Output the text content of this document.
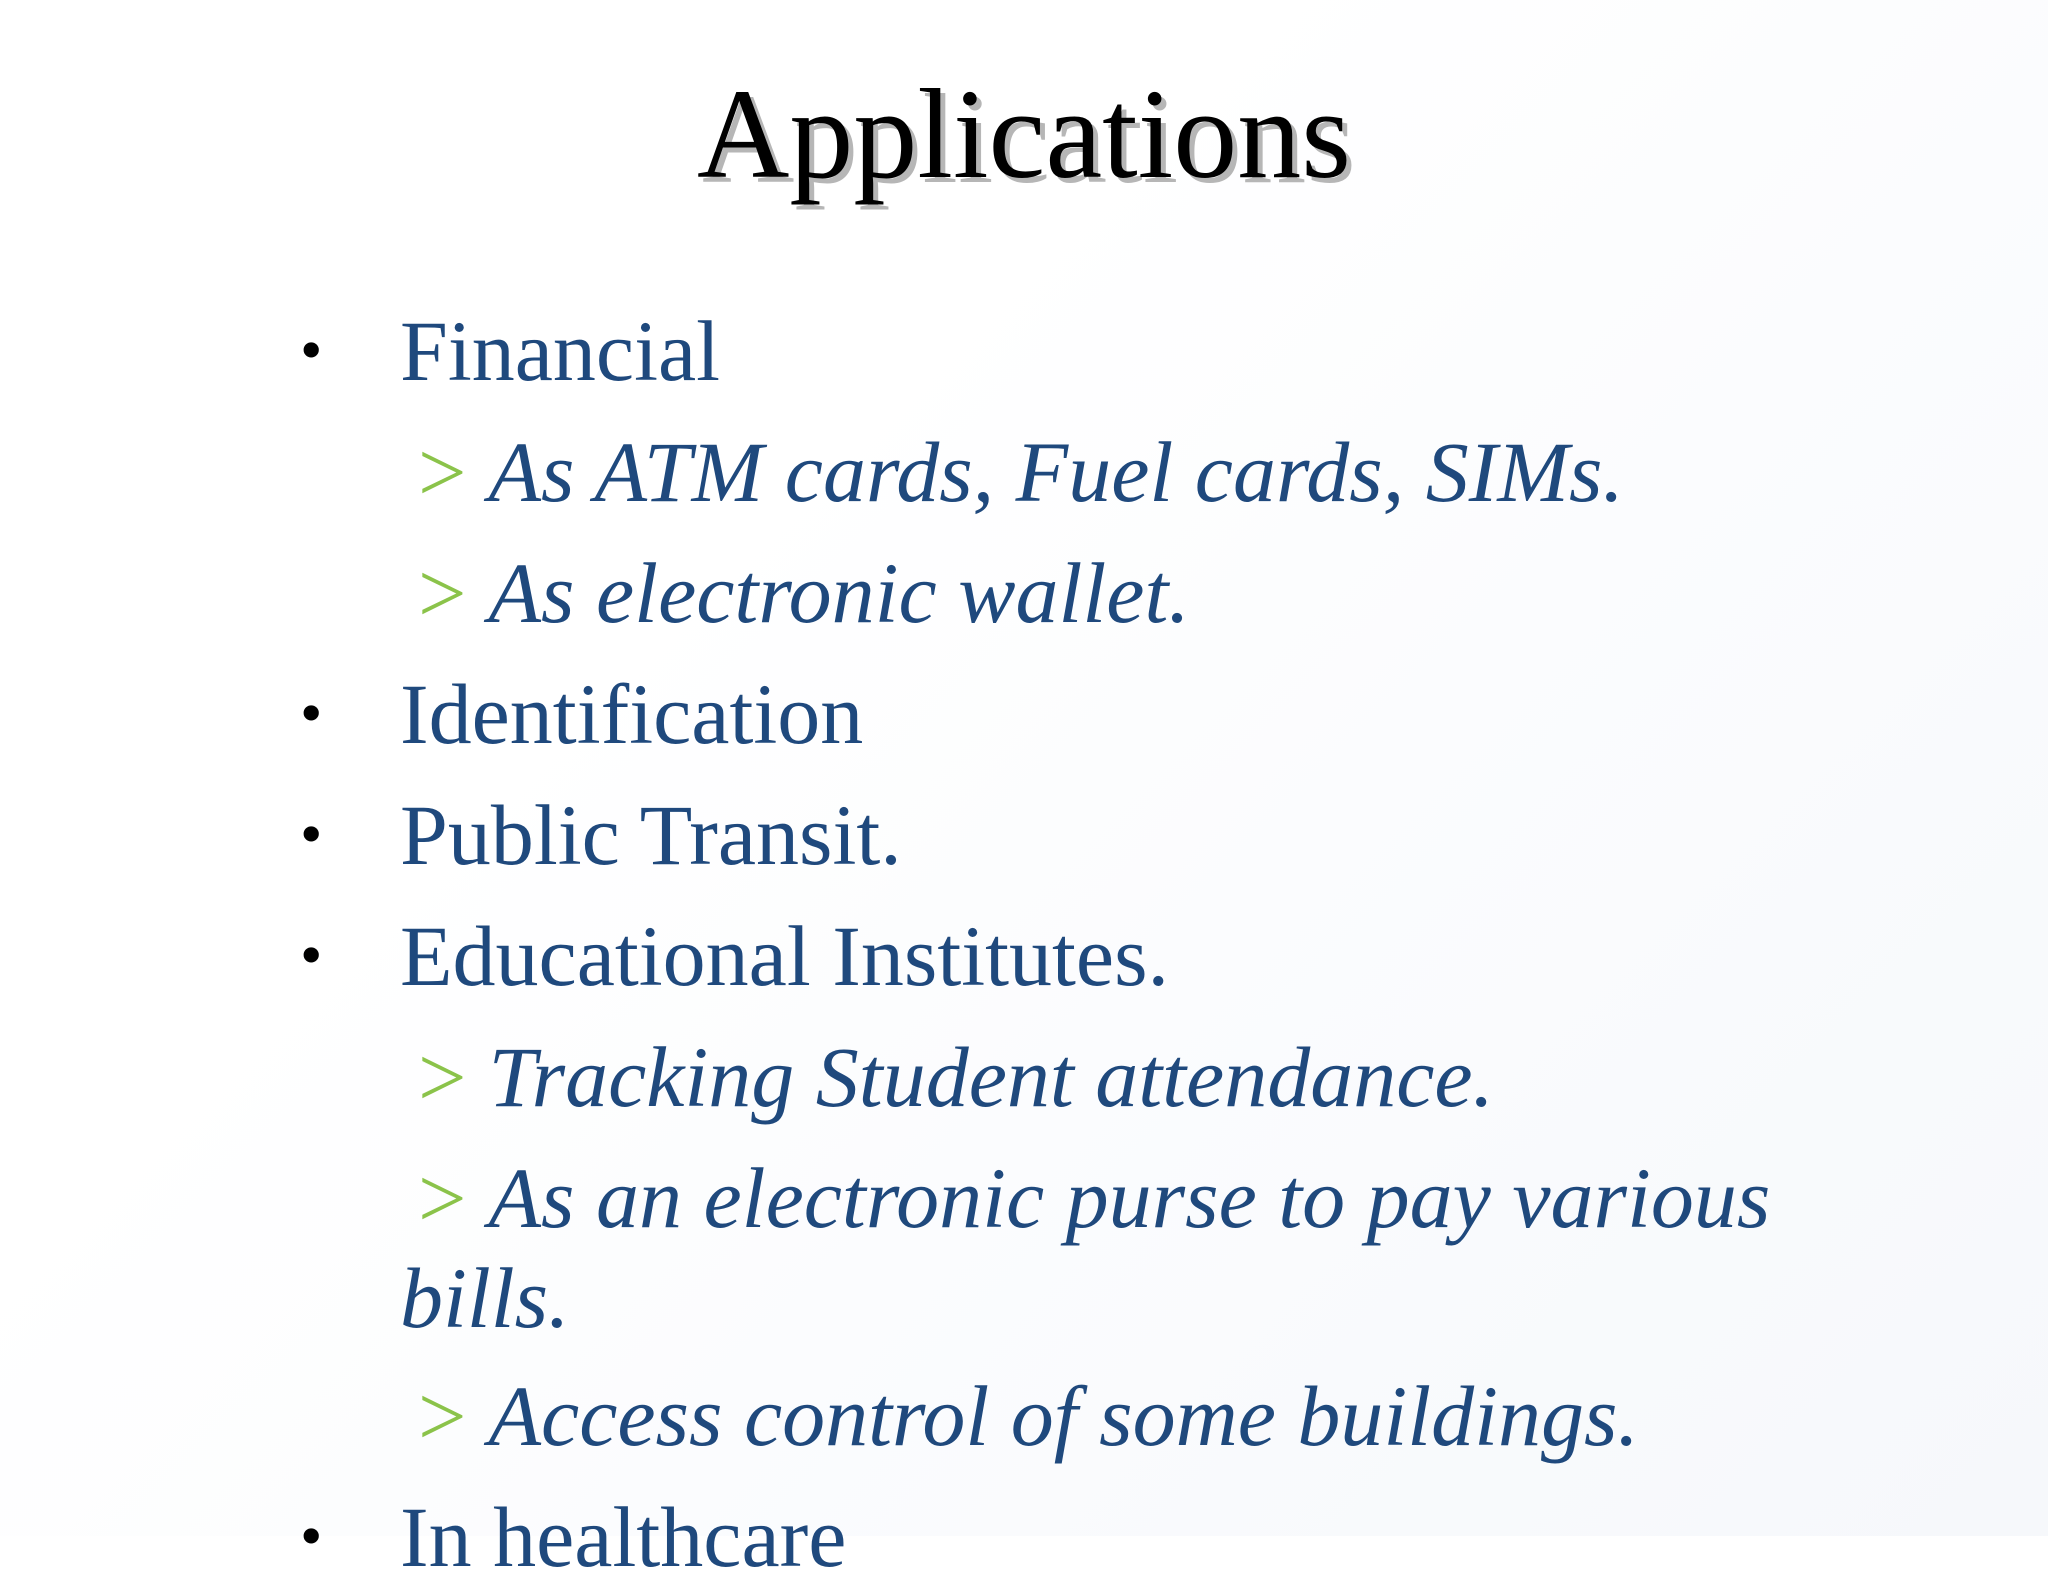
Applications
• Financial
> As ATM cards, Fuel cards, SIMs.
> As electronic wallet.
• Identification
• Public Transit.
• Educational Institutes.
> Tracking Student attendance.
> As an electronic purse to pay various
bills.
> Access control of some buildings.
• In healthcare
